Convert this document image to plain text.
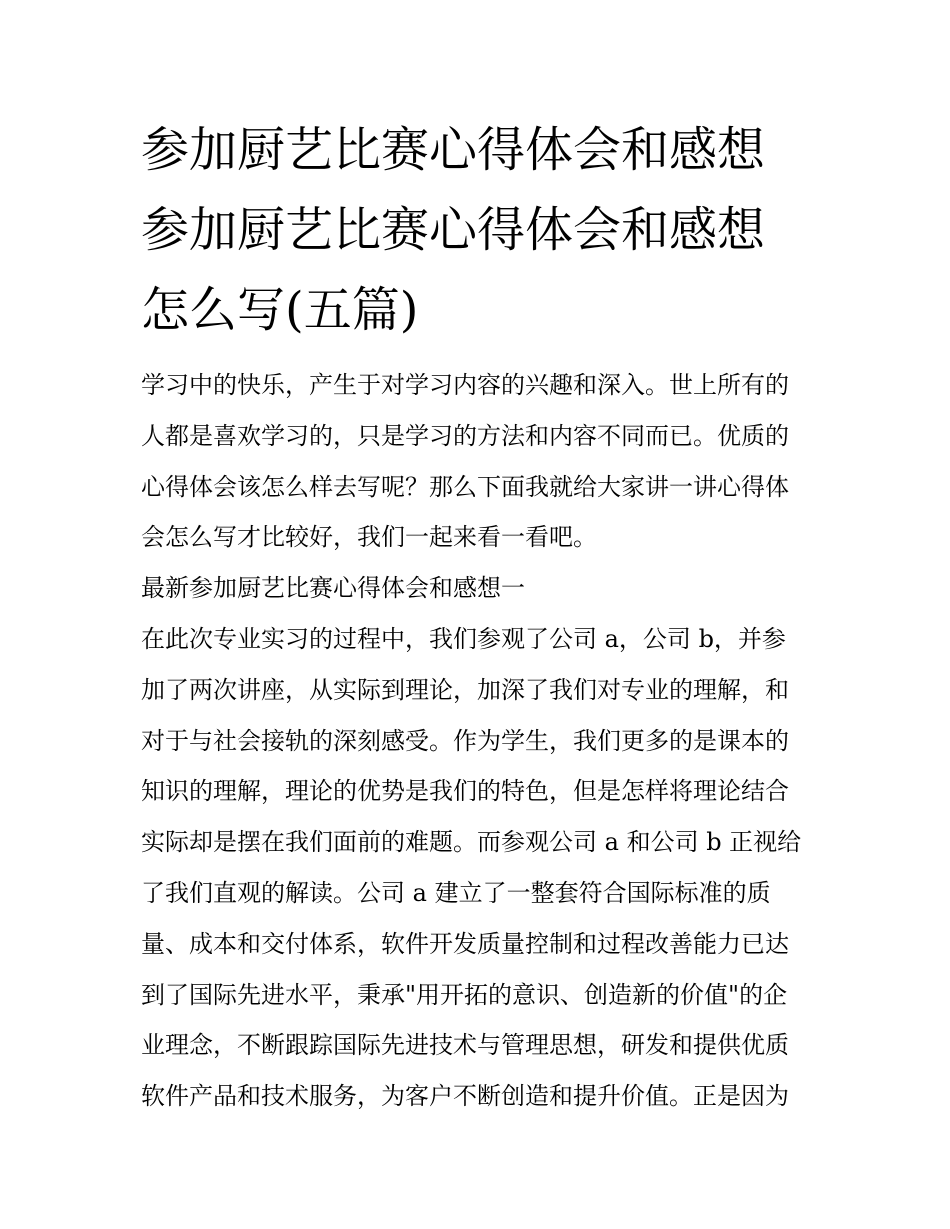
参加厨艺比赛心得体会和感想
参加厨艺比赛心得体会和感想
怎么写(五篇)
学习中的快乐，产生于对学习内容的兴趣和深入。世上所有的
人都是喜欢学习的，只是学习的方法和内容不同而已。优质的
心得体会该怎么样去写呢？那么下面我就给大家讲一讲心得体
会怎么写才比较好，我们一起来看一看吧。
最新参加厨艺比赛心得体会和感想一
在此次专业实习的过程中，我们参观了公司 a，公司 b，并参
加了两次讲座，从实际到理论，加深了我们对专业的理解，和
对于与社会接轨的深刻感受。作为学生，我们更多的是课本的
知识的理解，理论的优势是我们的特色，但是怎样将理论结合
实际却是摆在我们面前的难题。而参观公司 a 和公司 b 正视给
了我们直观的解读。公司 a 建立了一整套符合国际标准的质
量、成本和交付体系，软件开发质量控制和过程改善能力已达
到了国际先进水平，秉承"用开拓的意识、创造新的价值"的企
业理念，不断跟踪国际先进技术与管理思想，研发和提供优质
软件产品和技术服务，为客户不断创造和提升价值。正是因为
